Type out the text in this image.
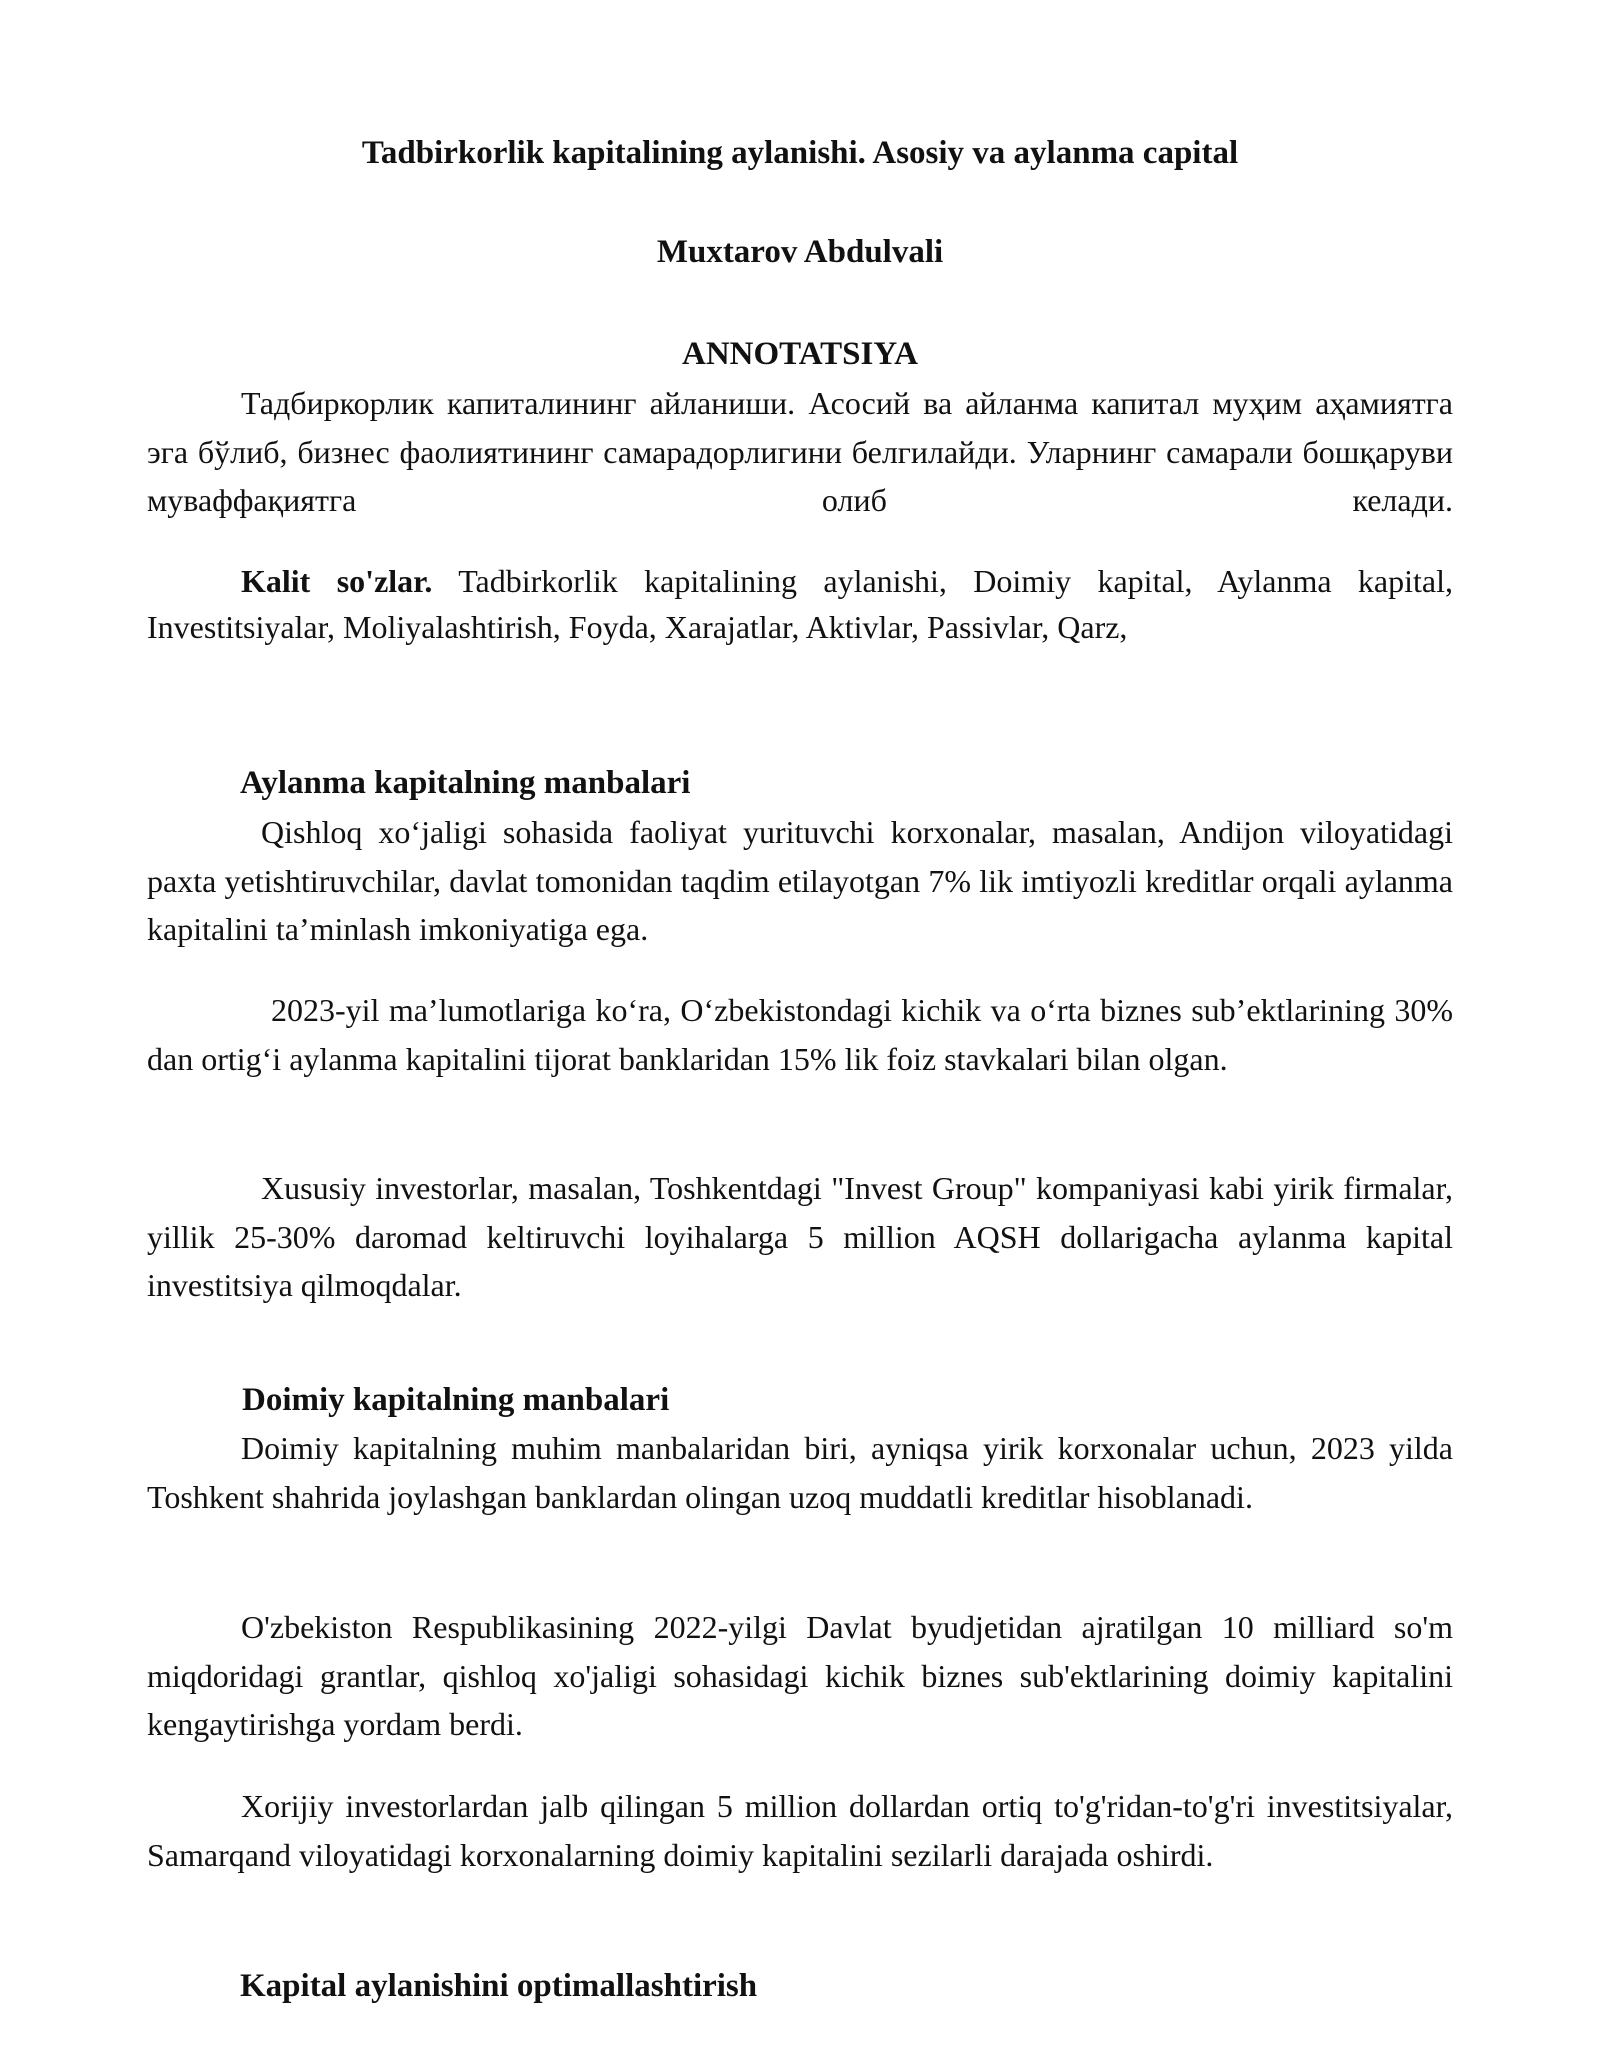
Tadbirkorlik kapitalining aylanishi. Asosiy va aylanma capital

Muxtarov Abdulvali

ANNOTATSIYA

Тадбиркорлик капиталининг айланиши. Асосий ва айланма капитал муҳим аҳамиятга эга бўлиб, бизнес фаолиятининг самарадорлигини белгилайди. Уларнинг самарали бошқаруви муваффақиятга олиб келади.

Kalit so'zlar. Tadbirkorlik kapitalining aylanishi, Doimiy kapital, Aylanma kapital, Investitsiyalar, Moliyalashtirish, Foyda, Xarajatlar, Aktivlar, Passivlar, Qarz,

Aylanma kapitalning manbalari

Qishloq xo‘jaligi sohasida faoliyat yurituvchi korxonalar, masalan, Andijon viloyatidagi paxta yetishtiruvchilar, davlat tomonidan taqdim etilayotgan 7% lik imtiyozli kreditlar orqali aylanma kapitalini ta’minlash imkoniyatiga ega.

2023-yil ma’lumotlariga ko‘ra, O‘zbekistondagi kichik va o‘rta biznes sub’ektlarining 30% dan ortig‘i aylanma kapitalini tijorat banklaridan 15% lik foiz stavkalari bilan olgan.

Xususiy investorlar, masalan, Toshkentdagi "Invest Group" kompaniyasi kabi yirik firmalar, yillik 25-30% daromad keltiruvchi loyihalarga 5 million AQSH dollarigacha aylanma kapital investitsiya qilmoqdalar.

Doimiy kapitalning manbalari

Doimiy kapitalning muhim manbalaridan biri, ayniqsa yirik korxonalar uchun, 2023 yilda Toshkent shahrida joylashgan banklardan olingan uzoq muddatli kreditlar hisoblanadi.

O'zbekiston Respublikasining 2022-yilgi Davlat byudjetidan ajratilgan 10 milliard so'm miqdoridagi grantlar, qishloq xo'jaligi sohasidagi kichik biznes sub'ektlarining doimiy kapitalini kengaytirishga yordam berdi.

Xorijiy investorlardan jalb qilingan 5 million dollardan ortiq to'g'ridan-to'g'ri investitsiyalar, Samarqand viloyatidagi korxonalarning doimiy kapitalini sezilarli darajada oshirdi.

Kapital aylanishini optimallashtirish
